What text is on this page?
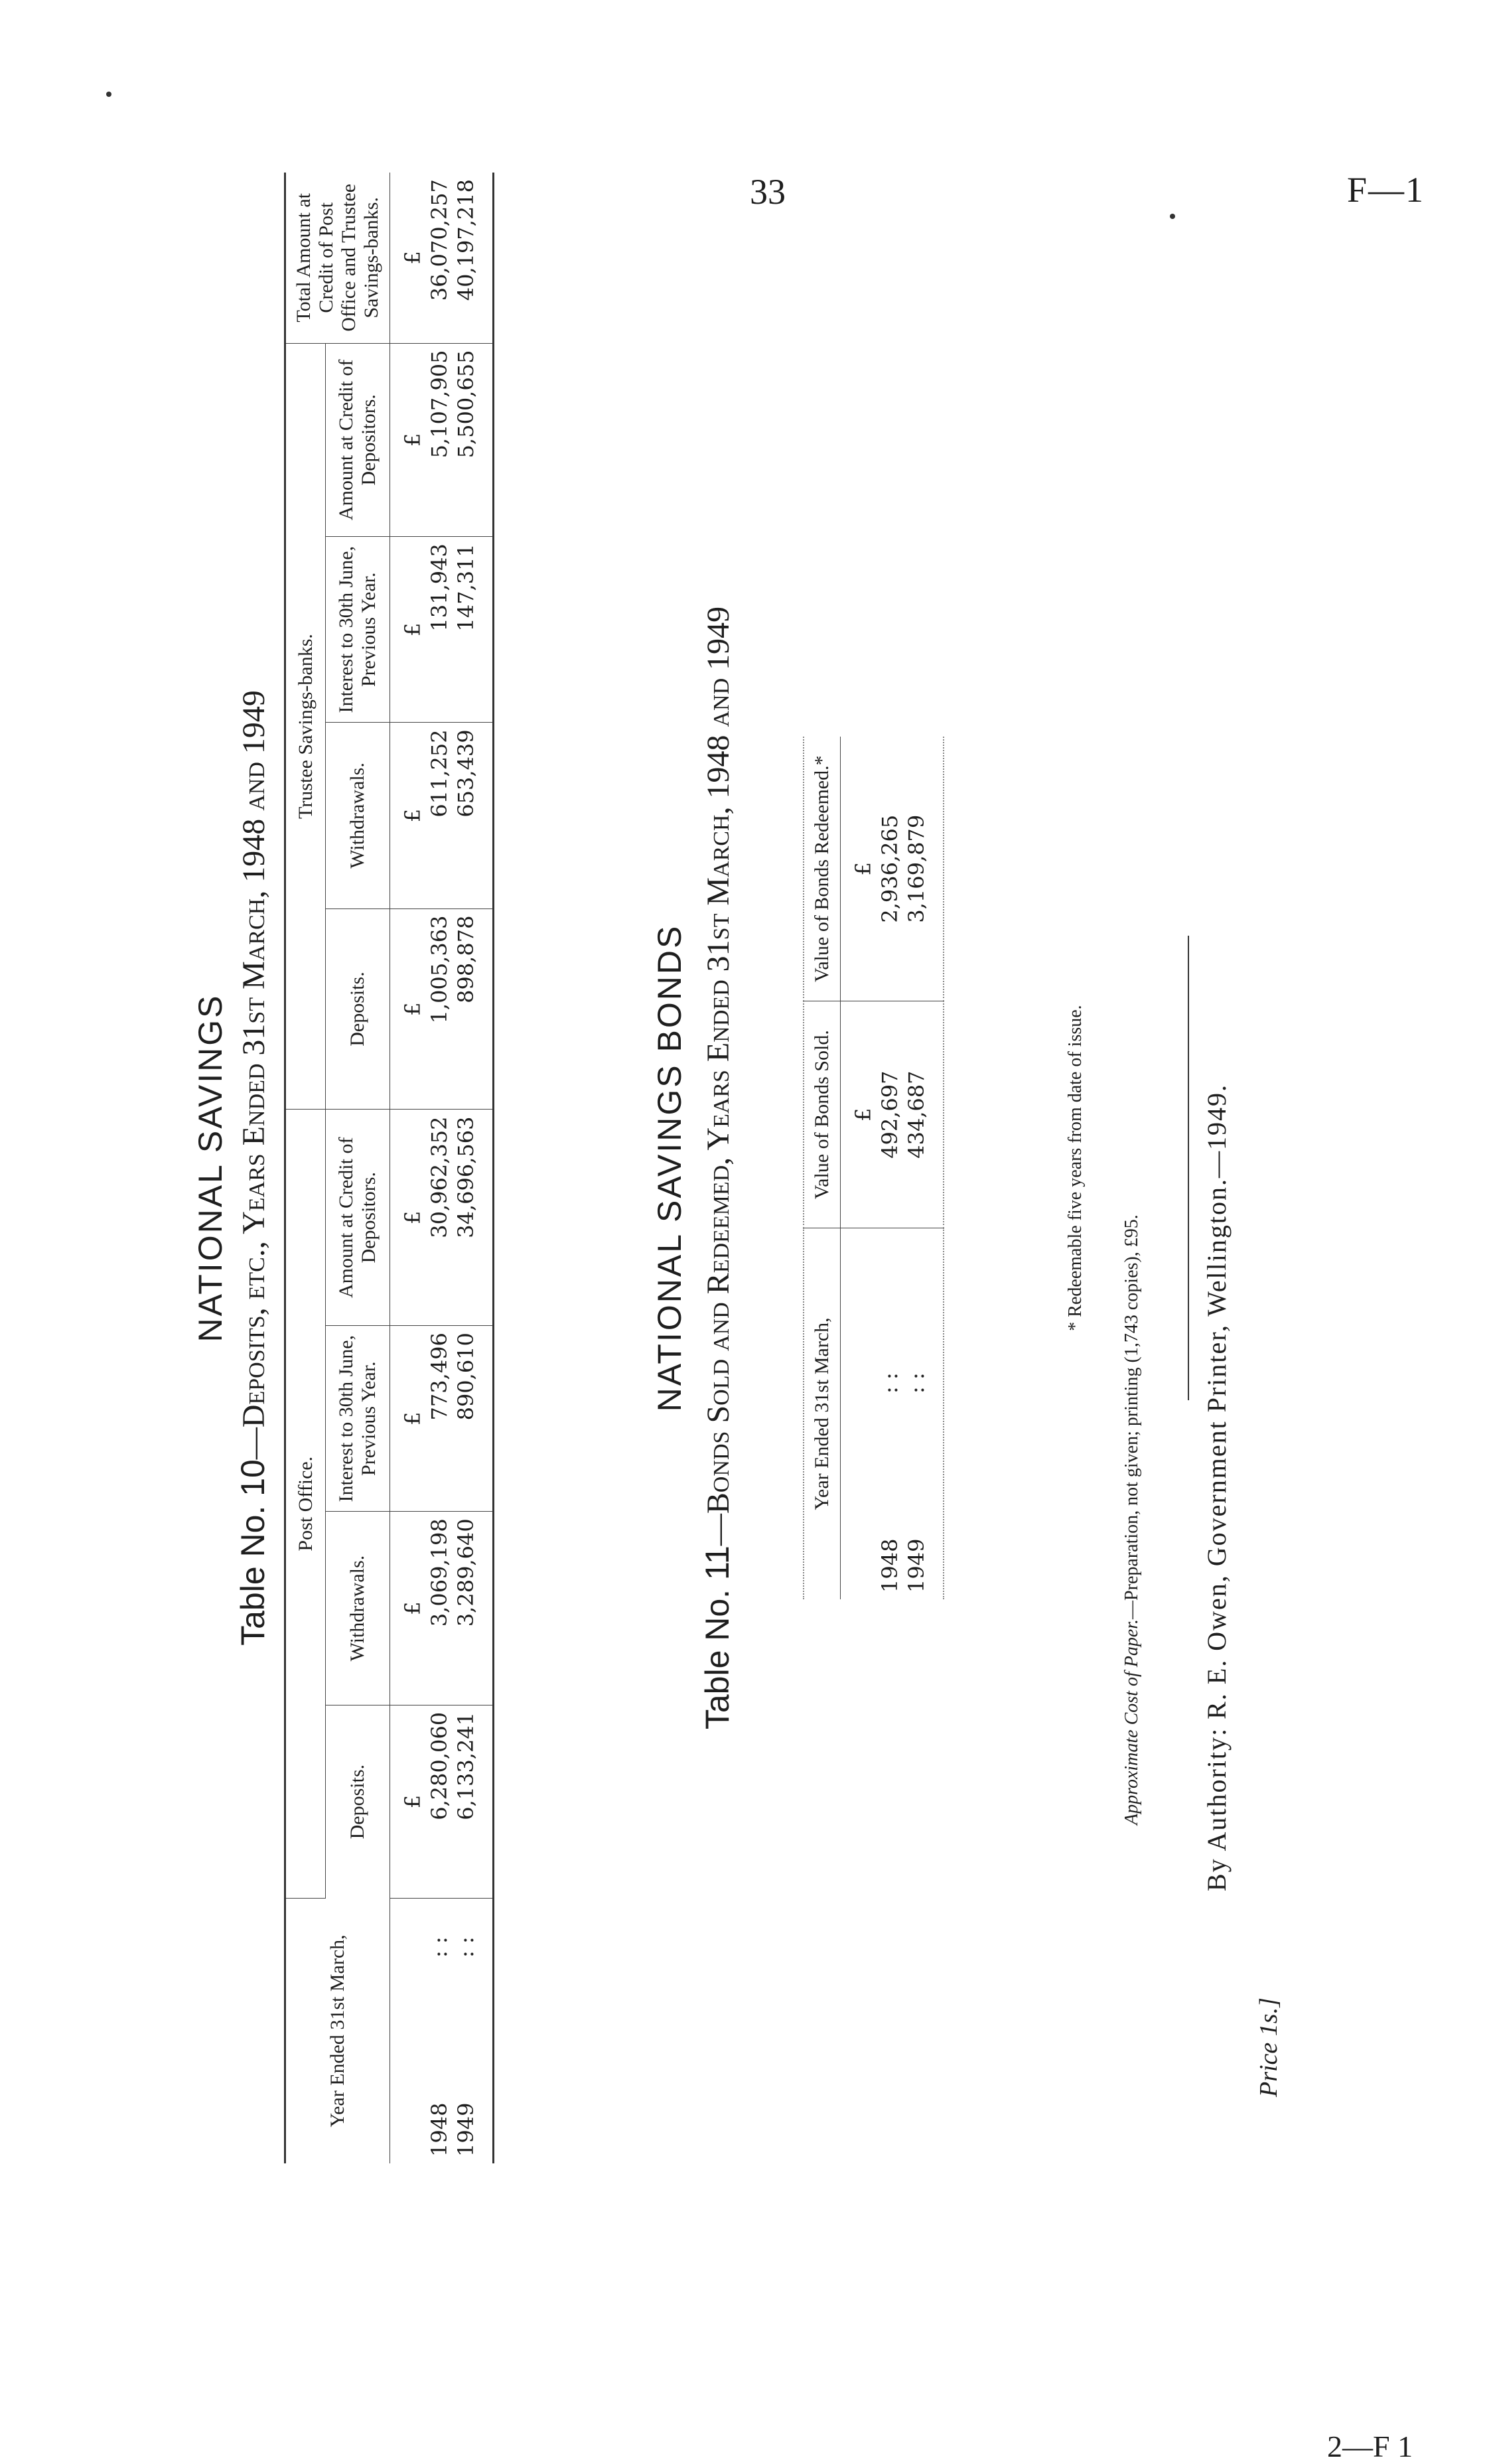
33	F—1
NATIONAL SAVINGS
Table No. 10—Deposits, etc., Years Ended 31st March, 1948 and 1949
Year Ended 31st March,	Post Office.				Trustee Savings-banks.				Total Amount at Credit of Post Office and Trustee Savings-banks.
	Deposits.	Withdrawals.	Interest to 30th June, Previous Year.	Amount at Credit of Depositors.	Deposits.	Withdrawals.	Interest to 30th June, Previous Year.	Amount at Credit of Depositors.	
	£	£	£	£	£	£	£	£	£
1948: :	6,280,060	3,069,198	773,496	30,962,352	1,005,363	611,252	131,943	5,107,905	36,070,257
1949: :	6,133,241	3,289,640	890,610	34,696,563	898,878	653,439	147,311	5,500,655	40,197,218
NATIONAL SAVINGS BONDS
Table No. 11—Bonds Sold and Redeemed, Years Ended 31st March, 1948 and 1949	Year Ended 31st March,	Value of Bonds Sold.	Value of Bonds Redeemed.*
	£	£
1948: :	492,697	2,936,265
1949: :	434,687	3,169,879
* Redeemable five years from date of issue.
Approximate Cost of Paper.—Preparation, not given; printing (1,743 copies), £95. By Authority: R. E. Owen, Government Printer, Wellington.—1949.
Price 1s.]
2—F 1
